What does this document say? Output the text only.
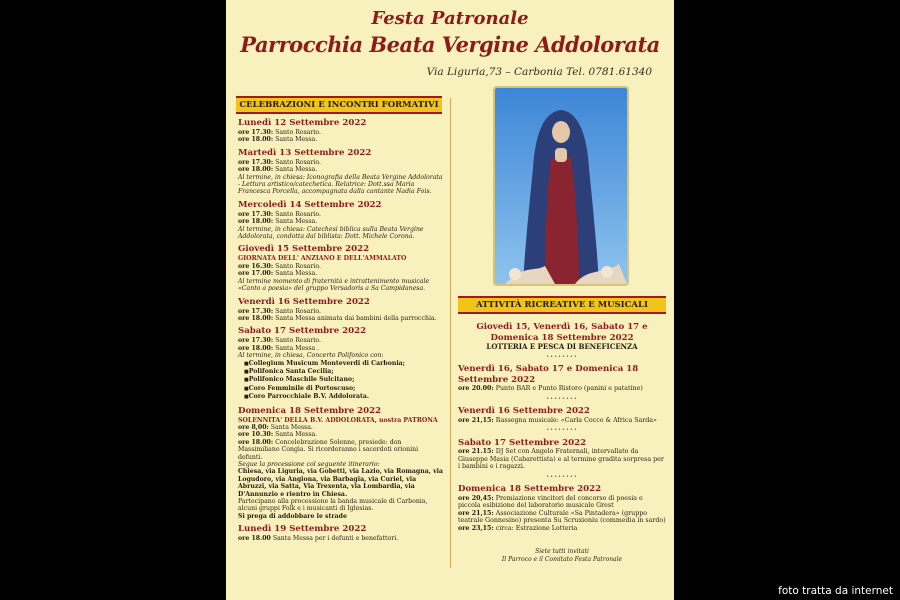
Festa Patronale
Parrocchia Beata Vergine Addolorata
Via Liguria,73 – Carbonia Tel. 0781.61340
CELEBRAZIONI E INCONTRI FORMATIVI
Lunedì 12 Settembre 2022
ore 17.30: Santo Rosario.
ore 18.00: Santa Messa.
Martedì 13 Settembre 2022
ore 17.30: Santo Rosario.
ore 18.00: Santa Messa.
Al termine, in chiesa: Iconografia della Beata Vergine Addolorata - Lettura artistico/catechetica. Relatrice: Dott.ssa Maria Francesca Porcella, accompagnata dalla cantante Nadia Fois.
Mercoledì 14 Settembre 2022
ore 17.30: Santo Rosario.
ore 18.00: Santa Messa.
Al termine, in chiesa: Catechesi biblica sulla Beata Vergine Addolorata, condotta dal biblista: Dott. Michele Corona.
Giovedì 15 Settembre 2022
GIORNATA DELL' ANZIANO E DELL'AMMALATO
ore 16.30: Santo Rosario.
ore 17.00: Santa Messa.
Al termine momento di fraternità e intrattenimento musicale «Canto a poesia» del gruppo Versadoris a Sa Campidanesa.
Venerdì 16 Settembre 2022
ore 17.30: Santo Rosario.
ore 18.00: Santa Messa animata dai bambini della parrocchia.
Sabato 17 Settembre 2022
ore 17.30: Santo Rosario.
ore 18.00: Santa Messa .
Al termine, in chiesa, Concerto Polifonico con:
■ Collegium Musicum Monteverdi di Carbonia;
■ Polifonica Santa Cecilia;
■ Polifonico Maschile Sulcitano;
■ Coro Femminile di Portoscuso;
■ Coro Parrocchiale B.V. Addolorata.
Domenica 18 Settembre 2022
SOLENNITA' DELLA B.V. ADDOLORATA, nostra PATRONA
ore 8,00: Santa Messa.
ore 10.30: Santa Messa.
ore 18.00: Concelebrazione Solenne, presiede: don Massimiliano Congia. Si ricorderanno i sacerdoti orionini defunti.
Segue la processione col seguente itinerario:
Chiesa, via Liguria, via Gobetti, via Lazio, via Romagna, via Logudoro, via Angiona, via Barbagia, via Curiel, via Abruzzi, via Satta, Via Trexenta, via Lombardia, via D'Annunzio e rientro in Chiesa.
Partecipano alla processione la banda musicale di Carbonia, alcuni gruppi Folk e i musicanti di Iglesias.
Si prega di addobbare le strade
Lunedì 19 Settembre 2022
ore 18.00 Santa Messa per i defunti e benefattori.
ATTIVITÀ RICREATIVE E MUSICALI
Giovedì 15, Venerdì 16, Sabato 17 e Domenica 18 Settembre 2022
LOTTERIA E PESCA DI BENEFICENZA
••••••••
Venerdì 16, Sabato 17 e Domenica 18 Settembre 2022
ore 20.00: Punto BAR e Punto Ristoro (panini e patatine)
••••••••
Venerdì 16 Settembre 2022
ore 21,15: Rassegna musicale: «Carla Cocco & Africa Sarda»
••••••••
Sabato 17 Settembre 2022
ore 21.15: DJ Set con Angelo Fraternali, intervallato da Giuseppe Masia (Cabarettista) e al termine gradita sorpresa per i bambini e i ragazzi.
••••••••
Domenica 18 Settembre 2022
ore 20,45: Premiazione vincitori del concorso di poesia e piccola esibizione del laboratorio musicale Grest
ore 21,15: Associazione Culturale «Sa Pintadera» (gruppo teatrale Gonnesino) presenta Su Scruxioniu (commedia in sardo)
ore 23,15: circa: Estrazione Lotteria
Siete tutti invitati
Il Parroco e il Comitato Festa Patronale
foto tratta da internet
